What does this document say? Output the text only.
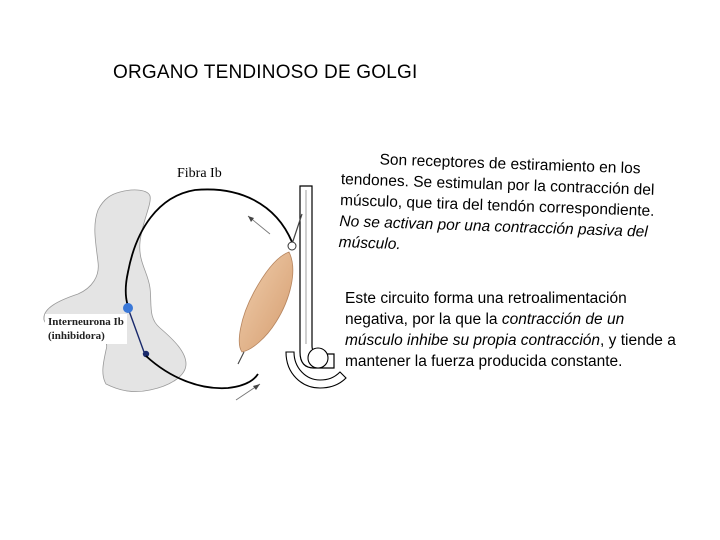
ORGANO TENDINOSO DE GOLGI
Fibra Ib
Interneurona Ib
(inhibidora)
Son receptores de estiramiento en los tendones. Se estimulan por la contracción del músculo, que tira del tendón correspondiente. No se activan por una contracción pasiva del músculo.
Este circuito forma una retroalimentación negativa, por la que la contracción de un músculo inhibe su propia contracción, y tiende a mantener la fuerza producida constante.
